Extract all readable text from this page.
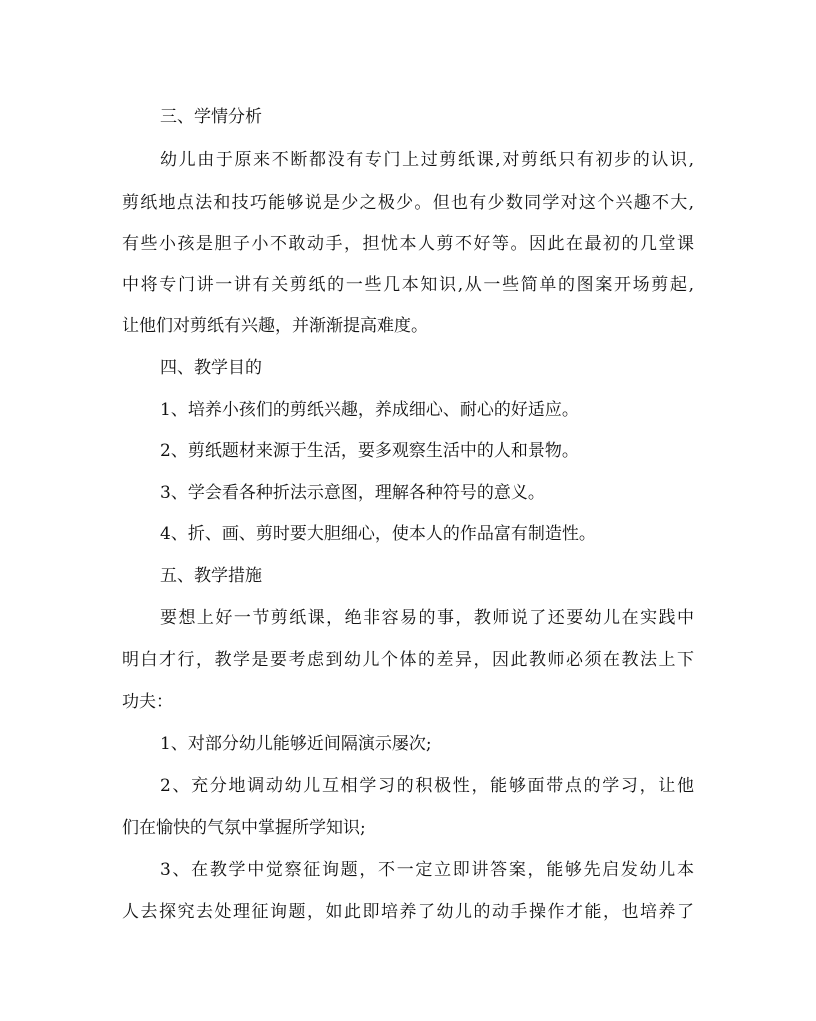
三、学情分析

幼儿由于原来不断都没有专门上过剪纸课,对剪纸只有初步的认识,

剪纸地点法和技巧能够说是少之极少。但也有少数同学对这个兴趣不大,

有些小孩是胆子小不敢动手，担忧本人剪不好等。因此在最初的几堂课

中将专门讲一讲有关剪纸的一些几本知识,从一些简单的图案开场剪起,

让他们对剪纸有兴趣，并渐渐提高难度。

四、教学目的

1、培养小孩们的剪纸兴趣，养成细心、耐心的好适应。

2、剪纸题材来源于生活，要多观察生活中的人和景物。

3、学会看各种折法示意图，理解各种符号的意义。

4、折、画、剪时要大胆细心，使本人的作品富有制造性。

五、教学措施

要想上好一节剪纸课，绝非容易的事，教师说了还要幼儿在实践中

明白才行，教学是要考虑到幼儿个体的差异，因此教师必须在教法上下

功夫：

1、对部分幼儿能够近间隔演示屡次;

2、充分地调动幼儿互相学习的积极性，能够面带点的学习，让他

们在愉快的气氛中掌握所学知识;

3、在教学中觉察征询题，不一定立即讲答案，能够先启发幼儿本

人去探究去处理征询题，如此即培养了幼儿的动手操作才能，也培养了
